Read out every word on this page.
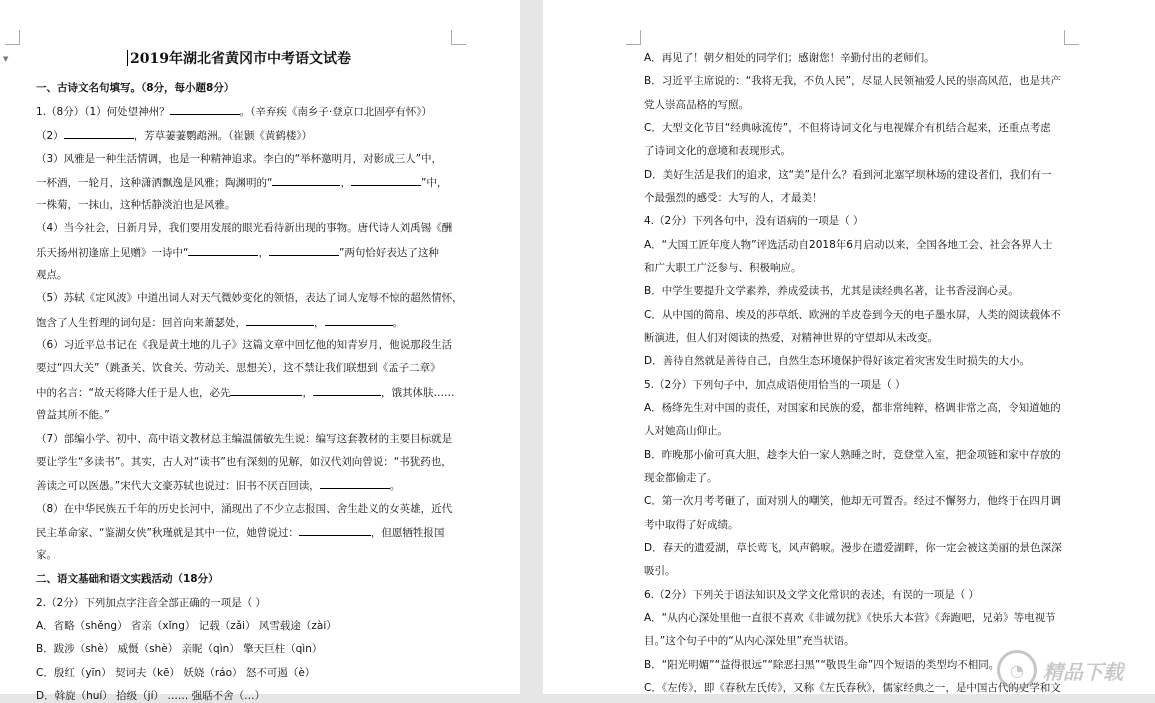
▼	2019年湖北省黄冈市中考语文试卷
一、古诗文名句填写。（8分，每小题8分）
1.（8分）（1）何处望神州？	。（辛弃疾《南乡子·登京口北固亭有怀》）
（2）	，芳草萋萋鹦鹉洲。（崔颢《黄鹤楼》）
（3）风雅是一种生活情调，也是一种精神追求。李白的“举杯邀明月，对影成三人”中，
一杯酒，一轮月，这种潇洒飘逸是风雅；陶渊明的“	，	”中，
一株菊，一抹山，这种恬静淡泊也是风雅。
（4）当今社会，日新月异，我们要用发展的眼光看待新出现的事物。唐代诗人刘禹锡《酬
乐天扬州初逢席上见赠》一诗中“	，	”两句恰好表达了这种
观点。
（5）苏轼《定风波》中道出词人对天气微妙变化的领悟，表达了词人宠辱不惊的超然情怀，
饱含了人生哲理的词句是：回首向来萧瑟处，	，	。
（6）习近平总书记在《我是黄土地的儿子》这篇文章中回忆他的知青岁月，他说那段生活
要过“四大关”（跳蚤关、饮食关、劳动关、思想关），这不禁让我们联想到《孟子二章》
中的名言：“故天将降大任于是人也，必先	，	，饿其体肤……
曾益其所不能。”
（7）部编小学、初中、高中语文教材总主编温儒敏先生说：编写这套教材的主要目标就是
要让学生“多读书”。其实，古人对“读书”也有深刻的见解，如汉代刘向曾说：“书犹药也，
善读之可以医愚。”宋代大文豪苏轼也说过：旧书不厌百回读，	。
（8）在中华民族五千年的历史长河中，涌现出了不少立志报国、舍生赴义的女英雄，近代
民主革命家、“鉴湖女侠”秋瑾就是其中一位，她曾说过：	，但愿牺牲报国
家。
二、语文基础和语文实践活动（18分）
2.（2分）下列加点字注音全部正确的一项是（ ）
A．省略（shěng） 省亲（xǐng） 记载（zǎi） 风雪载途（zài）
B．跋涉（shè） 威慑（shè） 亲昵（qìn） 擎天巨柱（qìn）
C．殷红（yīn） 契诃夫（kē） 妖娆（ráo） 怒不可遏（è）
D．斡旋（huí） 拾级（jí） …… 强聒不舍（…）
A．再见了！朝夕相处的同学们；感谢您！辛勤付出的老师们。
B．习近平主席说的：“我将无我，不负人民”，尽显人民领袖爱人民的崇高风范，也是共产
党人崇高品格的写照。
C．大型文化节目“经典咏流传”，不但将诗词文化与电视媒介有机结合起来，还重点考虑
了诗词文化的意境和表现形式。
D．美好生活是我们的追求，这“美”是什么？看到河北塞罕坝林场的建设者们，我们有一
个最强烈的感受：大写的人，才最美！
4.（2分）下列各句中，没有语病的一项是（ ）
A．“大国工匠年度人物”评选活动自2018年6月启动以来，全国各地工会、社会各界人士
和广大职工广泛参与、积极响应。
B．中学生要提升文学素养，养成爱读书，尤其是读经典名著，让书香浸润心灵。
C．从中国的简帛、埃及的莎草纸、欧洲的羊皮卷到今天的电子墨水屏，人类的阅读载体不
断演进，但人们对阅读的热爱，对精神世界的守望却从未改变。
D．善待自然就是善待自己，自然生态环境保护得好该定着灾害发生时损失的大小。
5.（2分）下列句子中，加点成语使用恰当的一项是（ ）
A．杨绛先生对中国的责任，对国家和民族的爱，都非常纯粹，格调非常之高，令知道她的
人对她高山仰止。
B．昨晚那小偷可真大胆，趁李大伯一家人熟睡之时，竞登堂入室，把金项链和家中存放的
现金都偷走了。
C．第一次月考考砸了，面对别人的嘲笑，他却无可置否。经过不懈努力，他终于在四月调
考中取得了好成绩。
D．春天的遗爱湖，草长莺飞，风声鹤唳。漫步在遗爱湖畔，你一定会被这美丽的景色深深
吸引。
6.（2分）下列关于语法知识及文学文化常识的表述，有误的一项是（ ）
A．“从内心深处里他一直很不喜欢《非诚勿扰》《快乐大本营》《奔跑吧，兄弟》等电视节
目。”这个句子中的“从内心深处里”充当状语。
B．“阳光明媚”“益得很远”“除恶扫黑”“敬畏生命”四个短语的类型均不相同。
C．《左传》，即《春秋左氏传》，又称《左氏春秋》，儒家经典之一，是中国古代的史学和文
◔ 精品下载
